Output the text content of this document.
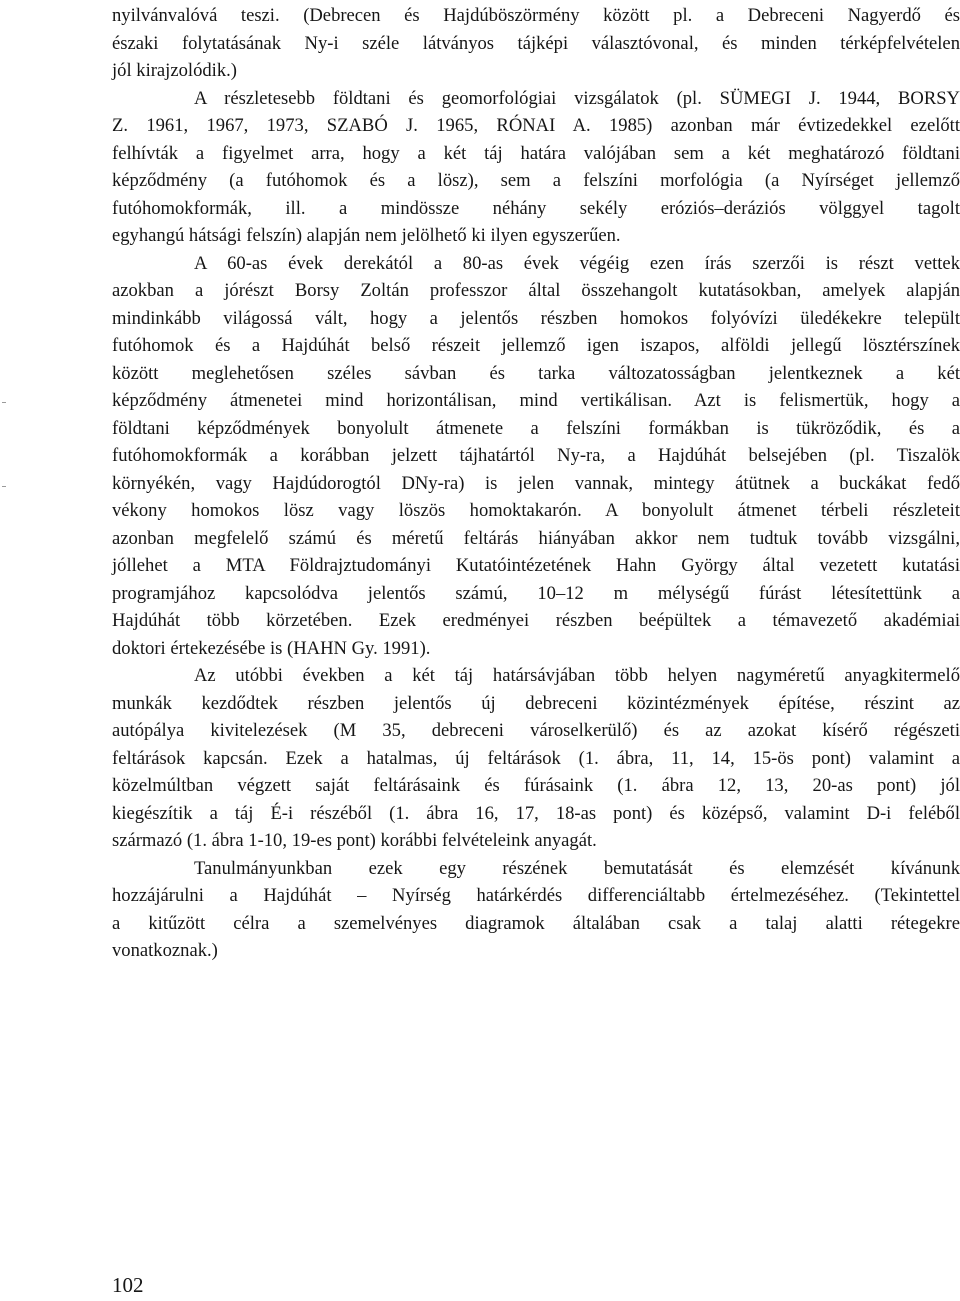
nyilvánvalóvá teszi. (Debrecen és Hajdúböszörmény között pl. a Debreceni Nagyerdő és
északi folytatásának Ny-i széle látványos tájképi választóvonal, és minden térképfelvételen
jól kirajzolódik.)

A részletesebb földtani és geomorfológiai vizsgálatok (pl. SÜMEGI J. 1944, BORSY
Z. 1961, 1967, 1973, SZABÓ J. 1965, RÓNAI A. 1985) azonban már évtizedekkel ezelőtt
felhívták a figyelmet arra, hogy a két táj határa valójában sem a két meghatározó földtani
képződmény (a futóhomok és a lösz), sem a felszíni morfológia (a Nyírséget jellemző
futóhomokformák, ill. a mindössze néhány sekély eróziós–deráziós völggyel tagolt
egyhangú hátsági felszín) alapján nem jelölhető ki ilyen egyszerűen.

A 60-as évek derekától a 80-as évek végéig ezen írás szerzői is részt vettek
azokban a jórészt Borsy Zoltán professzor által összehangolt kutatásokban, amelyek alapján
mindinkább világossá vált, hogy a jelentős részben homokos folyóvízi üledékekre települt
futóhomok és a Hajdúhát belső részeit jellemző igen iszapos, alföldi jellegű lösztérszínek
között meglehetősen széles sávban és tarka változatosságban jelentkeznek a két
képződmény átmenetei mind horizontálisan, mind vertikálisan. Azt is felismertük, hogy a
földtani képződmények bonyolult átmenete a felszíni formákban is tükröződik, és a
futóhomokformák a korábban jelzett tájhatártól Ny-ra, a Hajdúhát belsejében (pl. Tiszalök
környékén, vagy Hajdúdorogtól DNy-ra) is jelen vannak, mintegy átütnek a buckákat fedő
vékony homokos lösz vagy löszös homoktakarón. A bonyolult átmenet térbeli részleteit
azonban megfelelő számú és méretű feltárás hiányában akkor nem tudtuk tovább vizsgálni,
jóllehet a MTA Földrajztudományi Kutatóintézetének Hahn György által vezetett kutatási
programjához kapcsolódva jelentős számú, 10–12 m mélységű fúrást létesítettünk a
Hajdúhát több körzetében. Ezek eredményei részben beépültek a témavezető akadémiai
doktori értekezésébe is (HAHN Gy. 1991).

Az utóbbi években a két táj határsávjában több helyen nagyméretű anyagkitermelő
munkák kezdődtek részben jelentős új debreceni közintézmények építése, részint az
autópálya kivitelezések (M 35, debreceni városelkerülő) és az azokat kísérő régészeti
feltárások kapcsán. Ezek a hatalmas, új feltárások (1. ábra, 11, 14, 15-ös pont) valamint a
közelmúltban végzett saját feltárásaink és fúrásaink (1. ábra 12, 13, 20-as pont) jól
kiegészítik a táj É-i részéből (1. ábra 16, 17, 18-as pont) és középső, valamint D-i feléből
származó (1. ábra 1-10, 19-es pont) korábbi felvételeink anyagát.

Tanulmányunkban ezek egy részének bemutatását és elemzését kívánunk
hozzájárulni a Hajdúhát – Nyírség határkérdés differenciáltabb értelmezéséhez. (Tekintettel
a kitűzött célra a szemelvényes diagramok általában csak a talaj alatti rétegekre
vonatkoznak.)

102
